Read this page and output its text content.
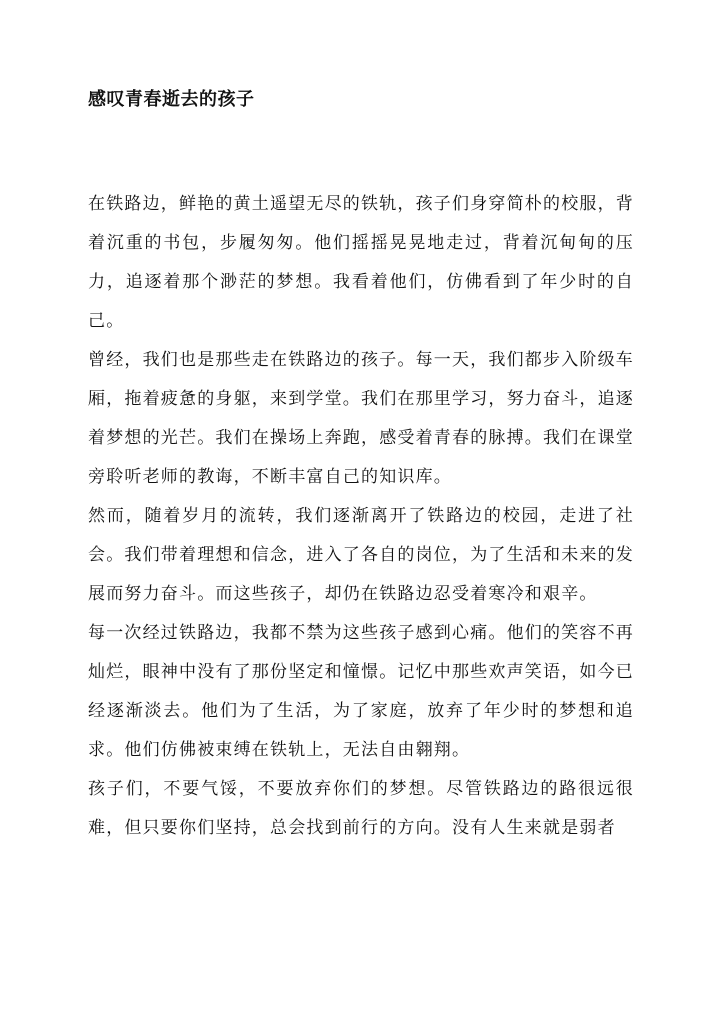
感叹青春逝去的孩子

在铁路边，鲜艳的黄土遥望无尽的铁轨，孩子们身穿简朴的校服，背着沉重的书包，步履匆匆。他们摇摇晃晃地走过，背着沉甸甸的压力，追逐着那个渺茫的梦想。我看着他们，仿佛看到了年少时的自己。

曾经，我们也是那些走在铁路边的孩子。每一天，我们都步入阶级车厢，拖着疲惫的身躯，来到学堂。我们在那里学习，努力奋斗，追逐着梦想的光芒。我们在操场上奔跑，感受着青春的脉搏。我们在课堂旁聆听老师的教诲，不断丰富自己的知识库。

然而，随着岁月的流转，我们逐渐离开了铁路边的校园，走进了社会。我们带着理想和信念，进入了各自的岗位，为了生活和未来的发展而努力奋斗。而这些孩子，却仍在铁路边忍受着寒冷和艰辛。

每一次经过铁路边，我都不禁为这些孩子感到心痛。他们的笑容不再灿烂，眼神中没有了那份坚定和憧憬。记忆中那些欢声笑语，如今已经逐渐淡去。他们为了生活，为了家庭，放弃了年少时的梦想和追求。他们仿佛被束缚在铁轨上，无法自由翱翔。

孩子们，不要气馁，不要放弃你们的梦想。尽管铁路边的路很远很难，但只要你们坚持，总会找到前行的方向。没有人生来就是弱者
